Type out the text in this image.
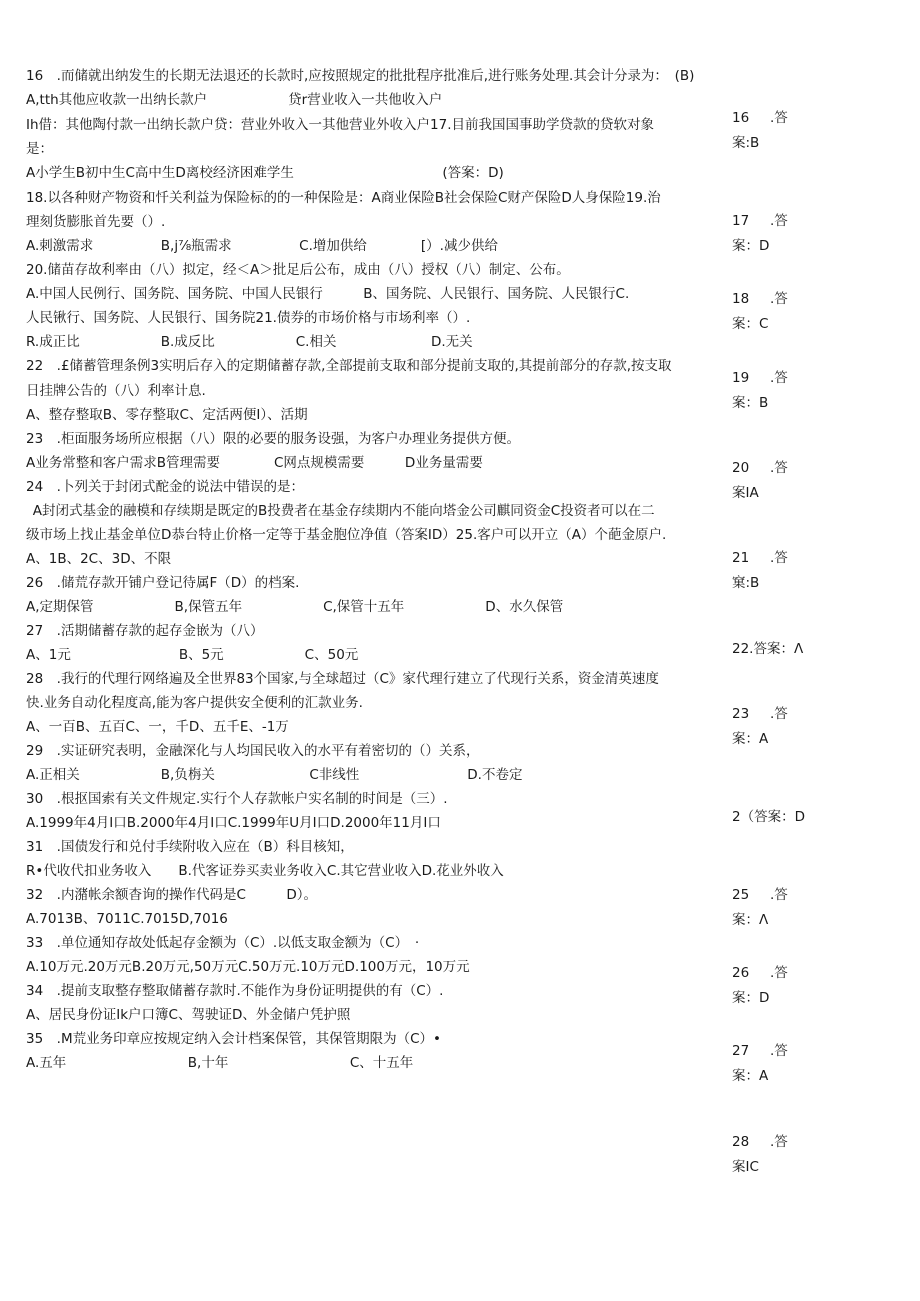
16　.而储就出纳发生的长期无法退还的长款时,应按照规定的批批程序批准后,进行账务处理.其会计分录为：　(B)
A,tth其他应收款一出纳长款户　　　　　　贷r营业收入一共他收入户
Ih借：其他陶付款一出纳长款户贷：营业外收入一其他营业外收入户17.目前我国国事助学贷款的贷软对象
是：
A小学生B初中生C高中生D离校经济困难学生　　　　　　　　　　　(答案：D)
18.以各种财产物资和忏关利益为保险标的的一种保险是：A商业保险B社会保险C财产保险D人身保险19.治
理刻货膨胀首先要（）.
A.刺激需求　　　　　B,j⅞瓶需求　　　　　C.增加供给　　　　[）.减少供给
20.储苗存故利率由（八）拟定，经＜A＞批足后公布，成由（八）授权（八）制定、公布。
A.中国人民例行、国务院、国务院、中国人民银行　　　B、国务院、人民银行、国务院、人民银行C.
人民锹行、国务院、人民银行、国务院21.债券的市场价格与市场利率（）.
R.成正比　　　　　　B.成反比　　　　　　C.相关　　　　　　　D.无关
22　.£储蓄管理条例3实明后存入的定期储蓄存款,全部提前支取和部分提前支取的,其提前部分的存款,按支取
日挂牌公告的（八）利率计息.
A、整存整取B、零存整取C、定活两便I）、活期
23　.柜面服务场所应根据（八）限的必要的服务设强，为客户办理业务提供方便。
A业务常整和客户需求B管理需要　　　　C网点规模需要　　　D业务量需要
24　.卜列关于封闭式酡金的说法中错误的是：
 A封闭式基金的融模和存续期是既定的B投费者在基金存续期内不能向塔金公司麒同资金C投资者可以在二
级市场上找止基金单位D恭台特止价格一定等于基金胞位净值（答案ID）25.客户可以开立（A）个葩金原户.
A、1B、2C、3D、不限
26　.储荒存款开铺户登记待属F（D）的档案.
A,定期保管　　　　　　B,保管五年　　　　　　C,保管十五年　　　　　　D、水久保管
27　.活期储蓄存款的起存金嵌为（八）
A、1元　　　　　　　　B、5元　　　　　　C、50元
28　.我行的代理行网络遍及全世界83个国家,与全球超过（C》家代理行建立了代现行关系，资金清英速度
快.业务自动化程度高,能为客户提供安全便利的汇款业务.
A、一百B、五百C、一，千D、五千E、-1万
29　.实证研究表明，金融深化与人均国民收入的水平有着密切的（）关系，
A.正相关　　　　　　B,负栴关　　　　　　　C非线性　　　　　　　　D.不卷定
30　.根抠国索有关文件规定.实行个人存款帐户实名制的时间是（三）.
A.1999年4月I口B.2000年4月I口C.1999年U月I口D.2000年11月I口
31　.国债发行和兑付手续附收入应在（B）科目核知，
R•代收代扣业务收入　　B.代客证券买卖业务收入C.其它营业收入D.花业外收入
32　.内潴帐余额杳询的操作代码是C　　　D）。
A.7013B、7011C.7015D,7016
33　.单位通知存故处低起存金额为（C）.以低支取金额为（C）　·
A.10万元.20万元B.20万元,50万元C.50万元.10万元D.100万元，10万元
34　.提前支取整存整取储蓄存款时.不能作为身份证明提供的有（C）.
A、居民身份证Ik户口簿C、驾驶证D、外金储户凭护照
35　.M荒业务印章应按规定纳入会计档案保管，其保管期限为（C）•
A.五年　　　　　　　　　B,十年　　　　　　　　　C、十五年
16 .答
案:B
17 .答
案：D
18 .答
案：C
19 .答
案：B
20 .答
案IA
21 .答
窠:B
22.答案：Λ
23 .答
案：A
2（答案：D
25 .答
案：Λ
26 .答
案：D
27 .答
案：A
28 .答
案IC
